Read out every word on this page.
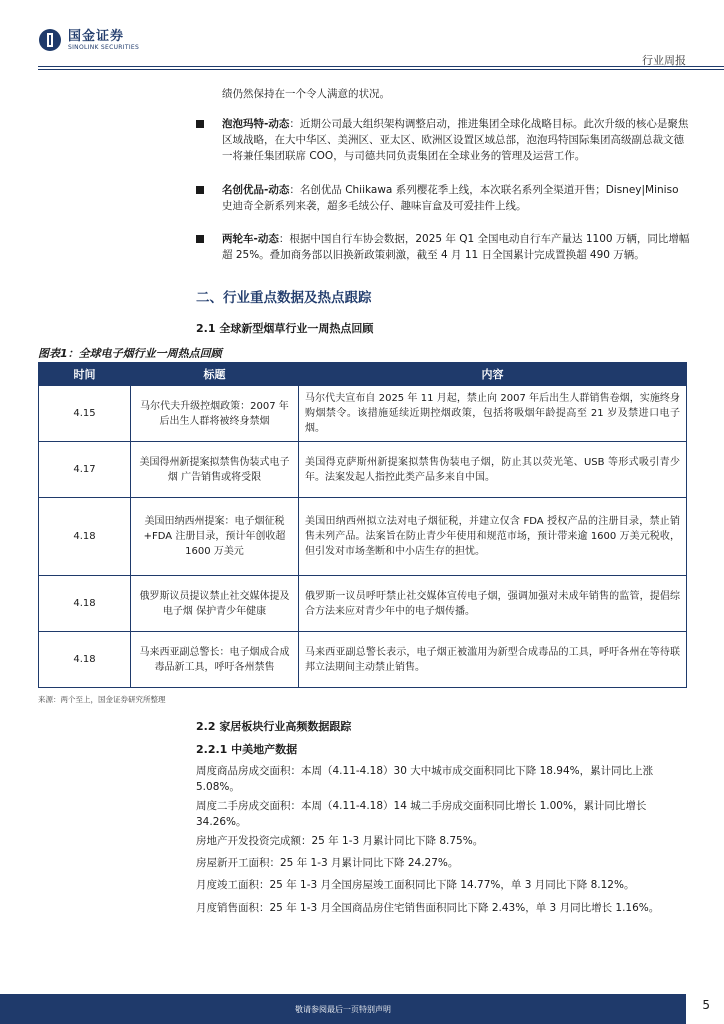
国金证券
SINOLINK SECURITIES
行业周报
绩仍然保持在一个令人满意的状况。
泡泡玛特-动态：近期公司最大组织架构调整启动，推进集团全球化战略目标。此次升级的核心是聚焦区域战略，在大中华区、美洲区、亚太区、欧洲区设置区域总部，泡泡玛特国际集团高级副总裁文德一将兼任集团联席 COO，与司德共同负责集团在全球业务的管理及运营工作。
名创优品-动态：名创优品 Chiikawa 系列樱花季上线，本次联名系列全渠道开售；Disney|Miniso 史迪奇全新系列来袭，超多毛绒公仔、趣味盲盒及可爱挂件上线。
两轮车-动态：根据中国自行车协会数据，2025 年 Q1 全国电动自行车产量达 1100 万辆，同比增幅超 25%。叠加商务部以旧换新政策刺激，截至 4 月 11 日全国累计完成置换超 490 万辆。
二、行业重点数据及热点跟踪
2.1 全球新型烟草行业一周热点回顾
图表1：全球电子烟行业一周热点回顾
时间	标题	内容
4.15	马尔代夫升级控烟政策：2007 年后出生人群将被终身禁烟	马尔代夫宣布自 2025 年 11 月起，禁止向 2007 年后出生人群销售卷烟，实施终身购烟禁令。该措施延续近期控烟政策，包括将吸烟年龄提高至 21 岁及禁进口电子烟。
4.17	美国得州新提案拟禁售伪装式电子烟 广告销售或将受限	美国得克萨斯州新提案拟禁售伪装电子烟，防止其以荧光笔、USB 等形式吸引青少年。法案发起人指控此类产品多来自中国。
4.18	美国田纳西州提案：电子烟征税+FDA 注册目录，预计年创收超 1600 万美元	美国田纳西州拟立法对电子烟征税，并建立仅含 FDA 授权产品的注册目录，禁止销售未列产品。法案旨在防止青少年使用和规范市场，预计带来逾 1600 万美元税收，但引发对市场垄断和中小店生存的担忧。
4.18	俄罗斯议员提议禁止社交媒体提及电子烟 保护青少年健康	俄罗斯一议员呼吁禁止社交媒体宣传电子烟，强调加强对未成年销售的监管，提倡综合方法来应对青少年中的电子烟传播。
4.18	马来西亚副总警长：电子烟成合成毒品新工具，呼吁各州禁售	马来西亚副总警长表示，电子烟正被滥用为新型合成毒品的工具，呼吁各州在等待联邦立法期间主动禁止销售。
来源：两个至上，国金证券研究所整理
2.2 家居板块行业高频数据跟踪
2.2.1 中美地产数据
周度商品房成交面积：本周（4.11-4.18）30 大中城市成交面积同比下降 18.94%，累计同比上涨 5.08%。
周度二手房成交面积：本周（4.11-4.18）14 城二手房成交面积同比增长 1.00%，累计同比增长 34.26%。
房地产开发投资完成额：25 年 1-3 月累计同比下降 8.75%。
房屋新开工面积：25 年 1-3 月累计同比下降 24.27%。
月度竣工面积：25 年 1-3 月全国房屋竣工面积同比下降 14.77%，单 3 月同比下降 8.12%。
月度销售面积：25 年 1-3 月全国商品房住宅销售面积同比下降 2.43%，单 3 月同比增长 1.16%。
敬请参阅最后一页特别声明	5
